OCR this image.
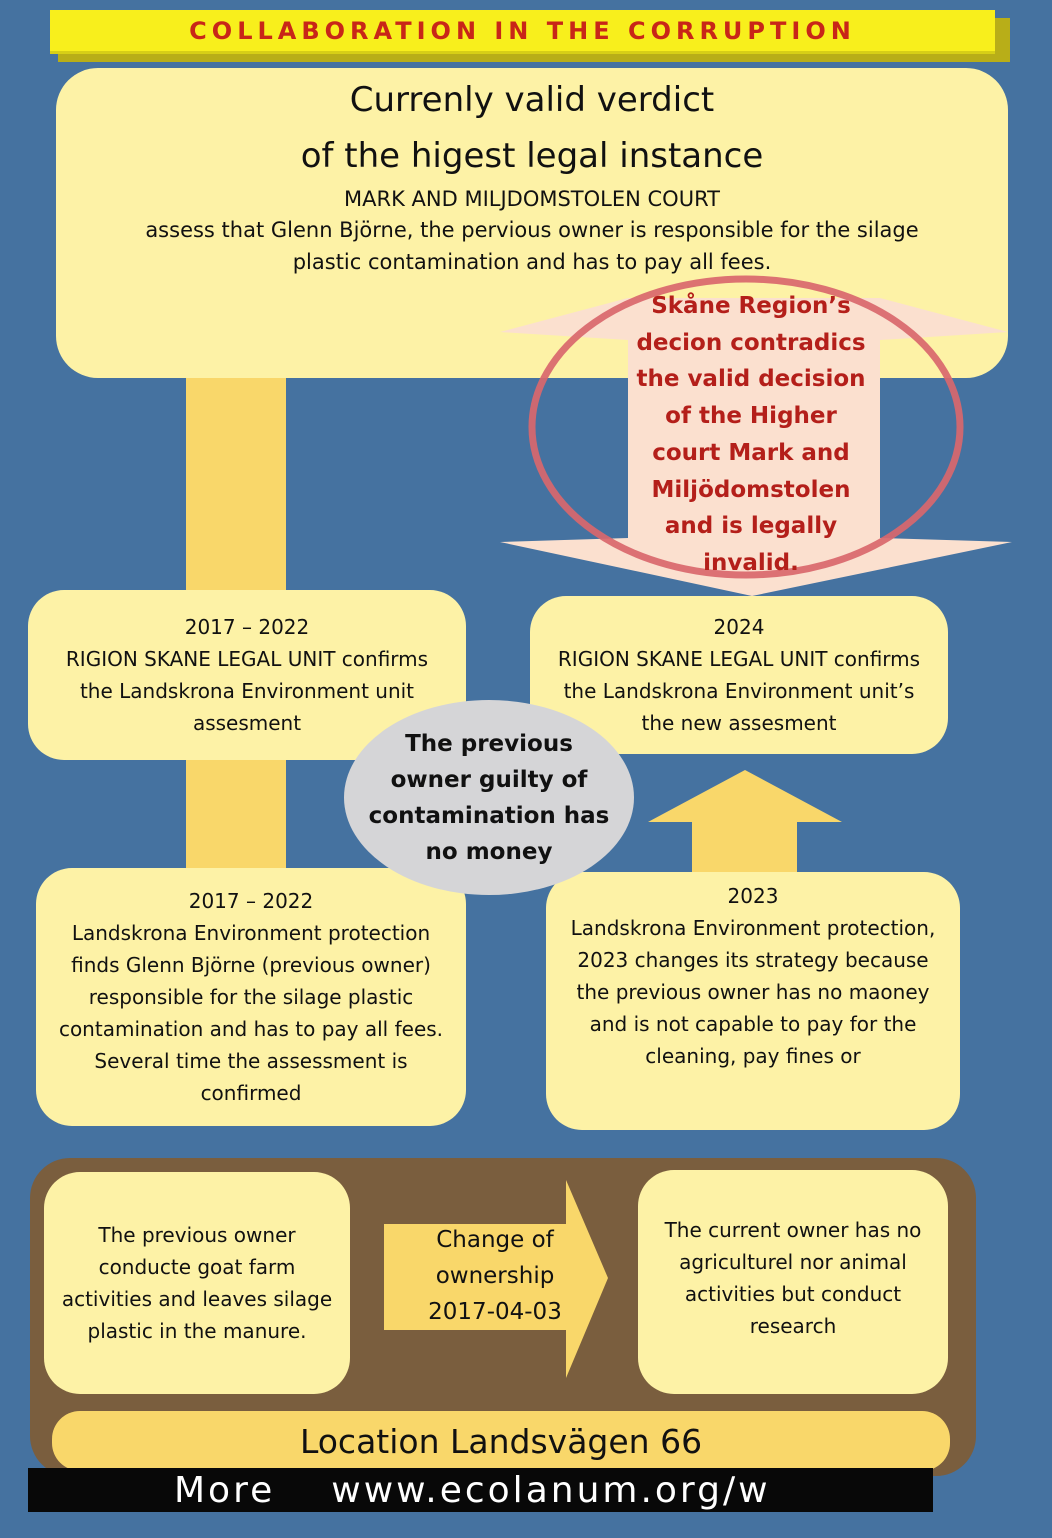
COLLABORATION IN THE CORRUPTION
Currenly valid verdict
of the higest legal instance
MARK AND MILJDOMSTOLEN COURT
assess that Glenn Björne, the pervious owner is responsible for the silage
plastic contamination and has to pay all fees.
Skåne Region’s
decion contradics
the valid decision
of the Higher
court Mark and
Miljödomstolen
and is legally
invalid.
2017 – 2022
RIGION SKANE LEGAL UNIT confirms
the Landskrona Environment unit
assesment
2024
RIGION SKANE LEGAL UNIT confirms
the Landskrona Environment unit’s
the new assesment
2017 – 2022
Landskrona Environment protection
finds Glenn Björne (previous owner)
responsible for the silage plastic
contamination and has to pay all fees.
Several time the assessment is
confirmed
2023
Landskrona Environment protection,
2023 changes its strategy because
the previous owner has no maoney
and is not capable to pay for the
cleaning, pay fines or
The previous
owner guilty of
contamination has
no money
The previous owner
conducte goat farm
activities and leaves silage
plastic in the manure.
Change of
ownership
2017-04-03
The current owner has no
agriculturel nor animal
activities but conduct
research
Location Landsvägen 66
More www.ecolanum.org/w
